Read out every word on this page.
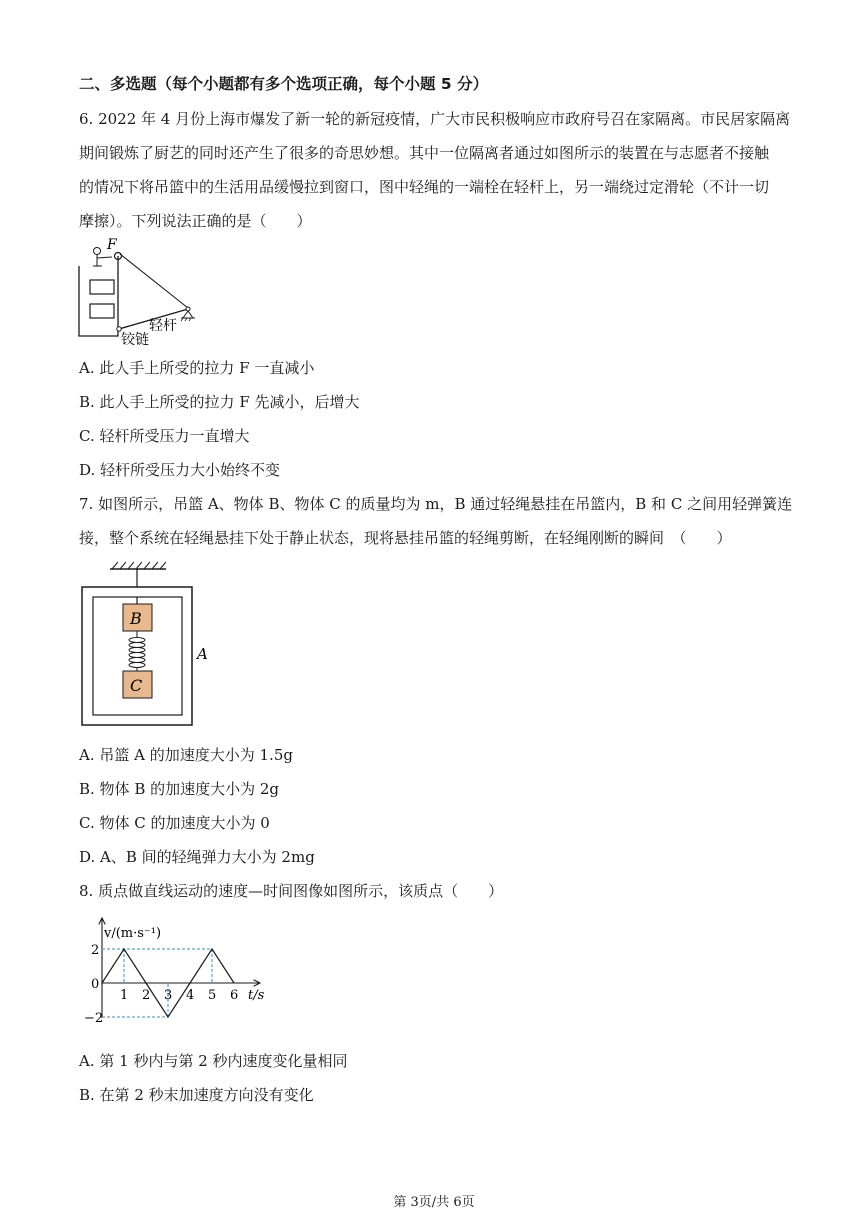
二、多选题（每个小题都有多个选项正确，每个小题 5 分）
6. 2022 年 4 月份上海市爆发了新一轮的新冠疫情，广大市民积极响应市政府号召在家隔离。市民居家隔离
期间锻炼了厨艺的同时还产生了很多的奇思妙想。其中一位隔离者通过如图所示的装置在与志愿者不接触
的情况下将吊篮中的生活用品缓慢拉到窗口，图中轻绳的一端栓在轻杆上，另一端绕过定滑轮（不计一切
摩擦）。下列说法正确的是（　　）
F
轻杆
铰链
A. 此人手上所受的拉力 F 一直减小
B. 此人手上所受的拉力 F 先减小，后增大
C. 轻杆所受压力一直增大
D. 轻杆所受压力大小始终不变
7. 如图所示，吊篮 A、物体 B、物体 C 的质量均为 m，B 通过轻绳悬挂在吊篮内，B 和 C 之间用轻弹簧连
接，整个系统在轻绳悬挂下处于静止状态，现将悬挂吊篮的轻绳剪断，在轻绳刚断的瞬间　（　　）
B
C
A
A. 吊篮 A 的加速度大小为 1.5g
B. 物体 B 的加速度大小为 2g
C. 物体 C 的加速度大小为 0
D. A、B 间的轻绳弹力大小为 2mg
8. 质点做直线运动的速度—时间图像如图所示，该质点（　　）
v/(m·s⁻¹)
t/s
1 2 3 4 5 6
2
0
−2
A. 第 1 秒内与第 2 秒内速度变化量相同
B. 在第 2 秒末加速度方向没有变化
第 3页/共 6页
